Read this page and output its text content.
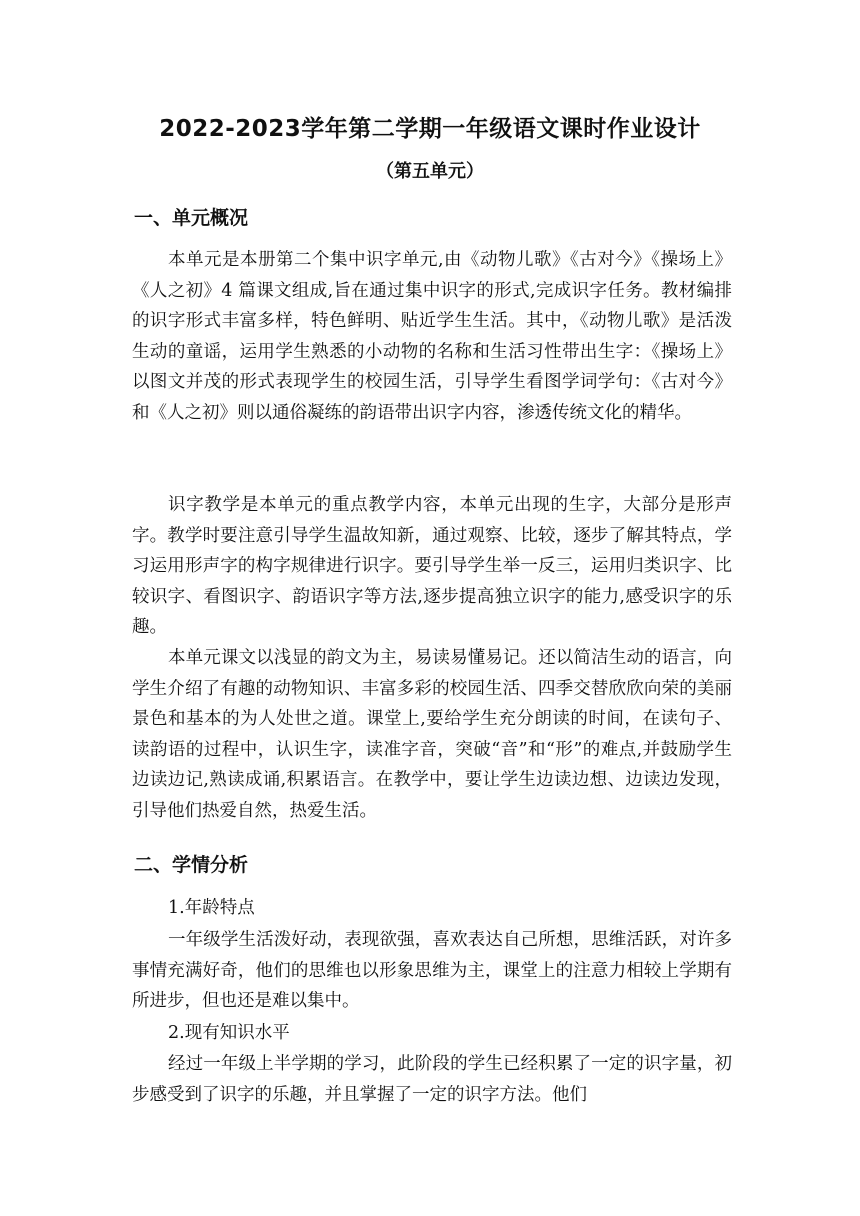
2022-2023学年第二学期一年级语文课时作业设计
（第五单元）
一、单元概况

本单元是本册第二个集中识字单元,由《动物儿歌》《古对今》《操场上》《人之初》4 篇课文组成,旨在通过集中识字的形式,完成识字任务。教材编排的识字形式丰富多样，特色鲜明、贴近学生生活。其中，《动物儿歌》是活泼生动的童谣，运用学生熟悉的小动物的名称和生活习性带出生字：《操场上》以图文并茂的形式表现学生的校园生活，引导学生看图学词学句：《古对今》和《人之初》则以通俗凝练的韵语带出识字内容，渗透传统文化的精华。

识字教学是本单元的重点教学内容，本单元出现的生字，大部分是形声字。教学时要注意引导学生温故知新，通过观察、比较，逐步了解其特点，学习运用形声字的构字规律进行识字。要引导学生举一反三，运用归类识字、比较识字、看图识字、韵语识字等方法,逐步提高独立识字的能力,感受识字的乐趣。

本单元课文以浅显的韵文为主，易读易懂易记。还以简洁生动的语言，向学生介绍了有趣的动物知识、丰富多彩的校园生活、四季交替欣欣向荣的美丽景色和基本的为人处世之道。课堂上,要给学生充分朗读的时间，在读句子、读韵语的过程中，认识生字，读准字音，突破“音”和“形”的难点,并鼓励学生边读边记,熟读成诵,积累语言。在教学中，要让学生边读边想、边读边发现，引导他们热爱自然，热爱生活。

二、学情分析
1.年龄特点

一年级学生活泼好动，表现欲强，喜欢表达自己所想，思维活跃，对许多事情充满好奇，他们的思维也以形象思维为主，课堂上的注意力相较上学期有所进步，但也还是难以集中。

2.现有知识水平

经过一年级上半学期的学习，此阶段的学生已经积累了一定的识字量，初步感受到了识字的乐趣，并且掌握了一定的识字方法。他们
